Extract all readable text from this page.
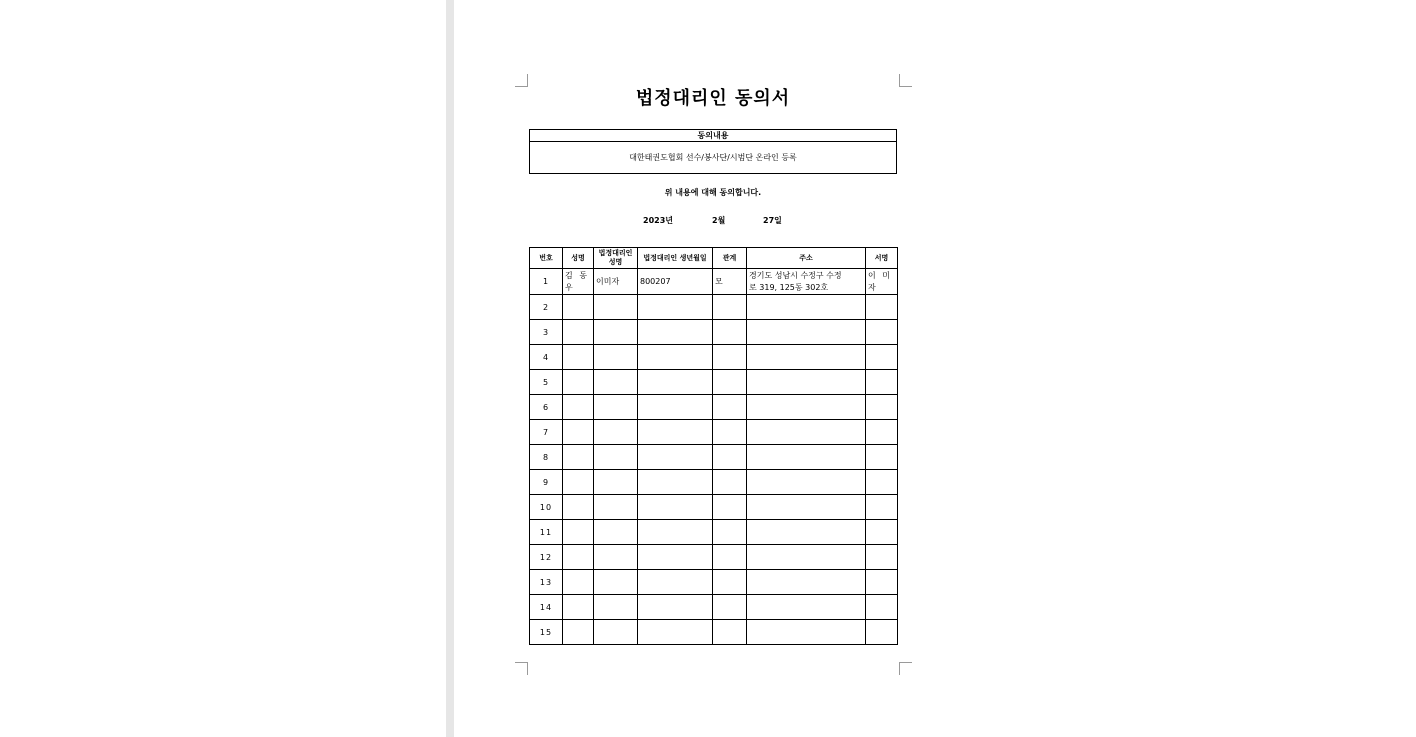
법정대리인 동의서
동의내용
대한태권도협회 선수/봉사단/시범단 온라인 등록
위 내용에 대해 동의합니다.
2023년	2월	27일
번호	성명	법정대리인 성명	법정대리인 생년월일	관계	주소	서명
1	김 동 우	이미자	800207	모	경기도 성남시 수정구 수정
로 319, 125동 302호	이 미 자
2					

3					

4					

5					

6					

7					

8					

9					

10					

11					

12					

13					

14					

15					
